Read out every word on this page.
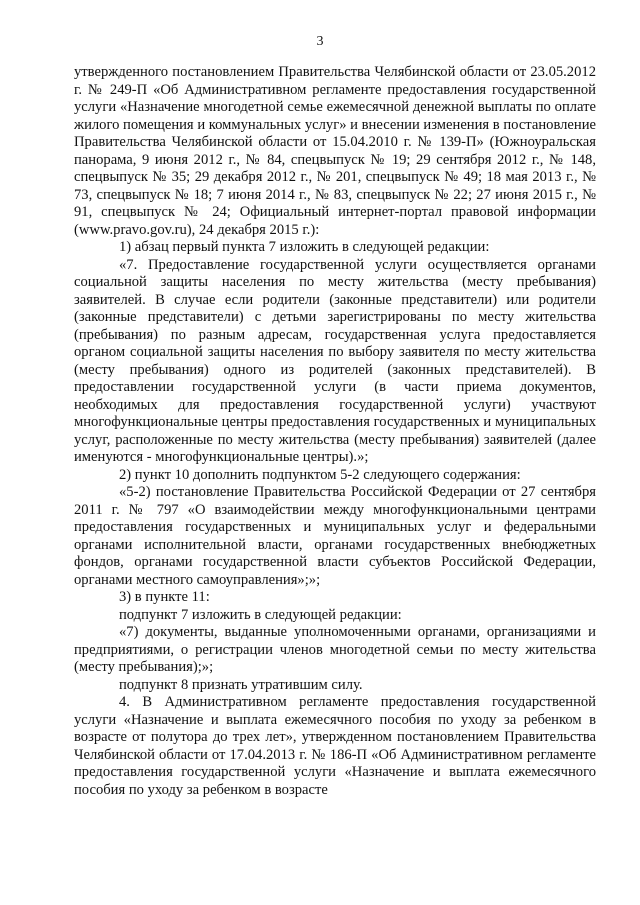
3

утвержденного постановлением Правительства Челябинской области от 23.05.2012 г. № 249-П «Об Административном регламенте предоставления государственной услуги «Назначение многодетной семье ежемесячной денежной выплаты по оплате жилого помещения и коммунальных услуг» и внесении изменения в постановление Правительства Челябинской области от 15.04.2010 г. № 139-П» (Южноуральская панорама, 9 июня 2012 г., № 84, спецвыпуск № 19; 29 сентября 2012 г., № 148, спецвыпуск № 35; 29 декабря 2012 г., № 201, спецвыпуск № 49; 18 мая 2013 г., № 73, спецвыпуск № 18; 7 июня 2014 г., № 83, спецвыпуск № 22; 27 июня 2015 г., № 91, спецвыпуск № 24; Официальный интернет-портал правовой информации (www.pravo.gov.ru), 24 декабря 2015 г.):

1) абзац первый пункта 7 изложить в следующей редакции:

«7. Предоставление государственной услуги осуществляется органами социальной защиты населения по месту жительства (месту пребывания) заявителей. В случае если родители (законные представители) или родители (законные представители) с детьми зарегистрированы по месту жительства (пребывания) по разным адресам, государственная услуга предоставляется органом социальной защиты населения по выбору заявителя по месту жительства (месту пребывания) одного из родителей (законных представителей). В предоставлении государственной услуги (в части приема документов, необходимых для предоставления государственной услуги) участвуют многофункциональные центры предоставления государственных и муниципальных услуг, расположенные по месту жительства (месту пребывания) заявителей (далее именуются - многофункциональные центры).»;

2) пункт 10 дополнить подпунктом 5-2 следующего содержания:

«5-2) постановление Правительства Российской Федерации от 27 сентября 2011 г. № 797 «О взаимодействии между многофункциональными центрами предоставления государственных и муниципальных услуг и федеральными органами исполнительной власти, органами государственных внебюджетных фондов, органами государственной власти субъектов Российской Федерации, органами местного самоуправления»;»;

3) в пункте 11:

подпункт 7 изложить в следующей редакции:

«7) документы, выданные уполномоченными органами, организациями и предприятиями, о регистрации членов многодетной семьи по месту жительства (месту пребывания);»;

подпункт 8 признать утратившим силу.

4. В Административном регламенте предоставления государственной услуги «Назначение и выплата ежемесячного пособия по уходу за ребенком в возрасте от полутора до трех лет», утвержденном постановлением Правительства Челябинской области от 17.04.2013 г. № 186-П «Об Административном регламенте предоставления государственной услуги «Назначение и выплата ежемесячного пособия по уходу за ребенком в возрасте
